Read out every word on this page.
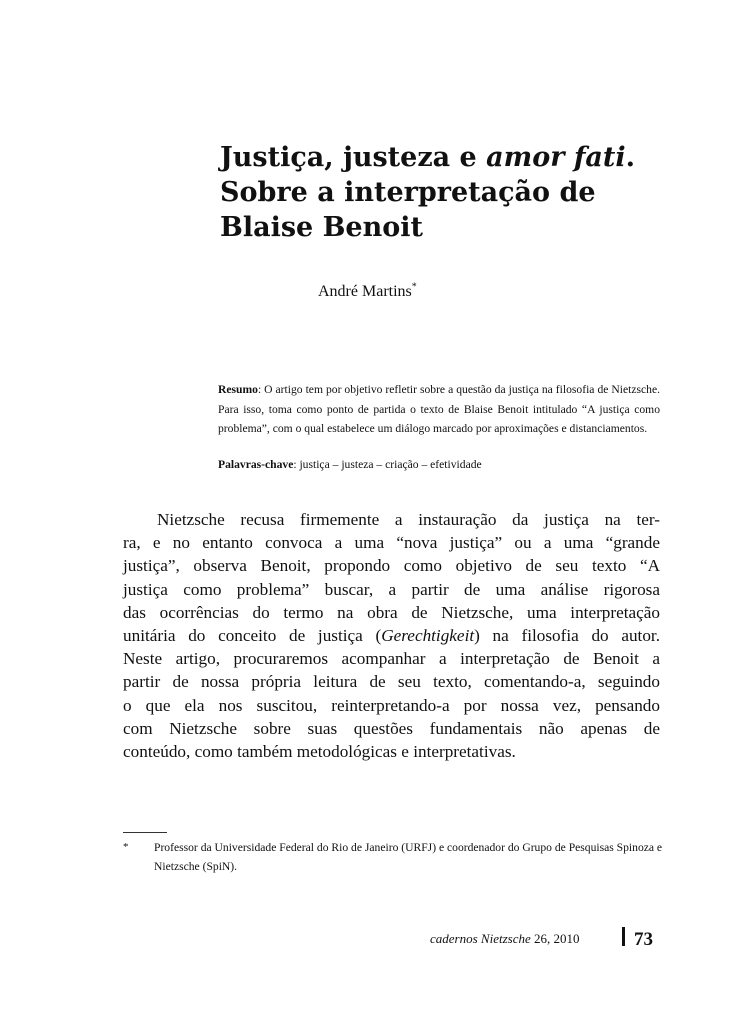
Justiça, justeza e amor fati.
Sobre a interpretação de
Blaise Benoit
André Martins*
Resumo: O artigo tem por objetivo refletir sobre a questão da justiça na filosofia de Nietzsche. Para isso, toma como ponto de partida o texto de Blaise Benoit intitulado “A justiça como problema”, com o qual estabelece um diálogo marcado por aproximações e distanciamentos.
Palavras-chave: justiça – justeza – criação – efetividade
Nietzsche recusa firmemente a instauração da justiça na ter-
ra, e no entanto convoca a uma “nova justiça” ou a uma “grande
justiça”, observa Benoit, propondo como objetivo de seu texto “A
justiça como problema” buscar, a partir de uma análise rigorosa
das ocorrências do termo na obra de Nietzsche, uma interpretação
unitária do conceito de justiça (Gerechtigkeit) na filosofia do autor.
Neste artigo, procuraremos acompanhar a interpretação de Benoit a
partir de nossa própria leitura de seu texto, comentando-a, seguindo
o que ela nos suscitou, reinterpretando-a por nossa vez, pensando
com Nietzsche sobre suas questões fundamentais não apenas de
conteúdo, como também metodológicas e interpretativas.
* Professor da Universidade Federal do Rio de Janeiro (URFJ) e coordenador do Grupo de Pesquisas Spinoza e Nietzsche (SpiN).
cadernos Nietzsche 26, 2010	73
